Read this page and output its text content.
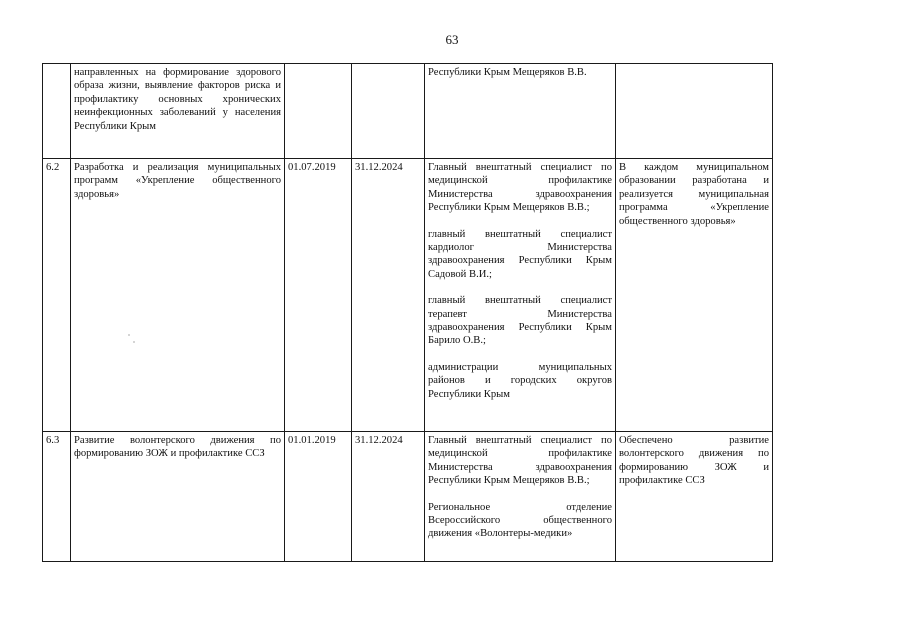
63
	направленных на формирование здорового образа жизни, выявление факторов риска и профилактику основных хронических неинфекционных заболеваний у населения Республики Крым			Республики Крым Мещеряков В.В.	

6.2	Разработка и реализация муниципальных программ «Укрепление общественного здоровья»	01.07.2019	31.12.2024	Главный внештатный специалист по медицинской профилактике Министерства здравоохранения Республики Крым Мещеряков В.В.;

главный внештатный специалист кардиолог Министерства здравоохранения Республики Крым Садовой В.И.;

главный внештатный специалист терапевт Министерства здравоохранения Республики Крым Барило О.В.;

администрации муниципальных районов и городских округов Республики Крым	В каждом муниципальном образовании разработана и реализуется муниципальная программа «Укрепление общественного здоровья»
6.3	Развитие волонтерского движения по формированию ЗОЖ и профилактике ССЗ	01.01.2019	31.12.2024	Главный внештатный специалист по медицинской профилактике Министерства здравоохранения Республики Крым Мещеряков В.В.;

Региональное отделение Всероссийского общественного движения «Волонтеры-медики»	Обеспечено развитие волонтерского движения по формированию ЗОЖ и профилактике ССЗ
